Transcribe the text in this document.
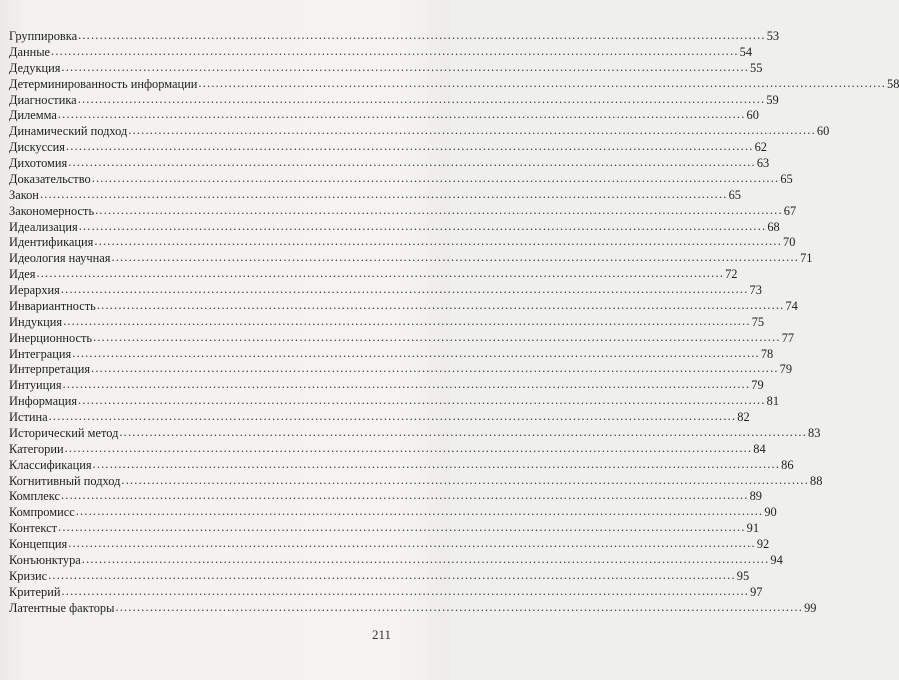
Группировка ................................................................................................................................................................ 53
Данные ................................................................................................................................................................ 54
Дедукция ................................................................................................................................................................ 55
Детерминированность информации ................................................................................................................................................................ 58
Диагностика ................................................................................................................................................................ 59
Дилемма ................................................................................................................................................................ 60
Динамический подход ................................................................................................................................................................ 60
Дискуссия ................................................................................................................................................................ 62
Дихотомия ................................................................................................................................................................ 63
Доказательство ................................................................................................................................................................ 65
Закон ................................................................................................................................................................ 65
Закономерность ................................................................................................................................................................ 67
Идеализация ................................................................................................................................................................ 68
Идентификация ................................................................................................................................................................ 70
Идеология научная ................................................................................................................................................................ 71
Идея ................................................................................................................................................................ 72
Иерархия ................................................................................................................................................................ 73
Инвариантность ................................................................................................................................................................ 74
Индукция ................................................................................................................................................................ 75
Инерционность ................................................................................................................................................................ 77
Интеграция ................................................................................................................................................................ 78
Интерпретация ................................................................................................................................................................ 79
Интуиция ................................................................................................................................................................ 79
Информация ................................................................................................................................................................ 81
Истина ................................................................................................................................................................ 82
Исторический метод ................................................................................................................................................................ 83
Категории ................................................................................................................................................................ 84
Классификация ................................................................................................................................................................ 86
Когнитивный подход ................................................................................................................................................................ 88
Комплекс ................................................................................................................................................................ 89
Компромисс ................................................................................................................................................................ 90
Контекст ................................................................................................................................................................ 91
Концепция ................................................................................................................................................................ 92
Конъюнктура ................................................................................................................................................................ 94
Кризис ................................................................................................................................................................ 95
Критерий ................................................................................................................................................................ 97
Латентные факторы ................................................................................................................................................................ 99
211
